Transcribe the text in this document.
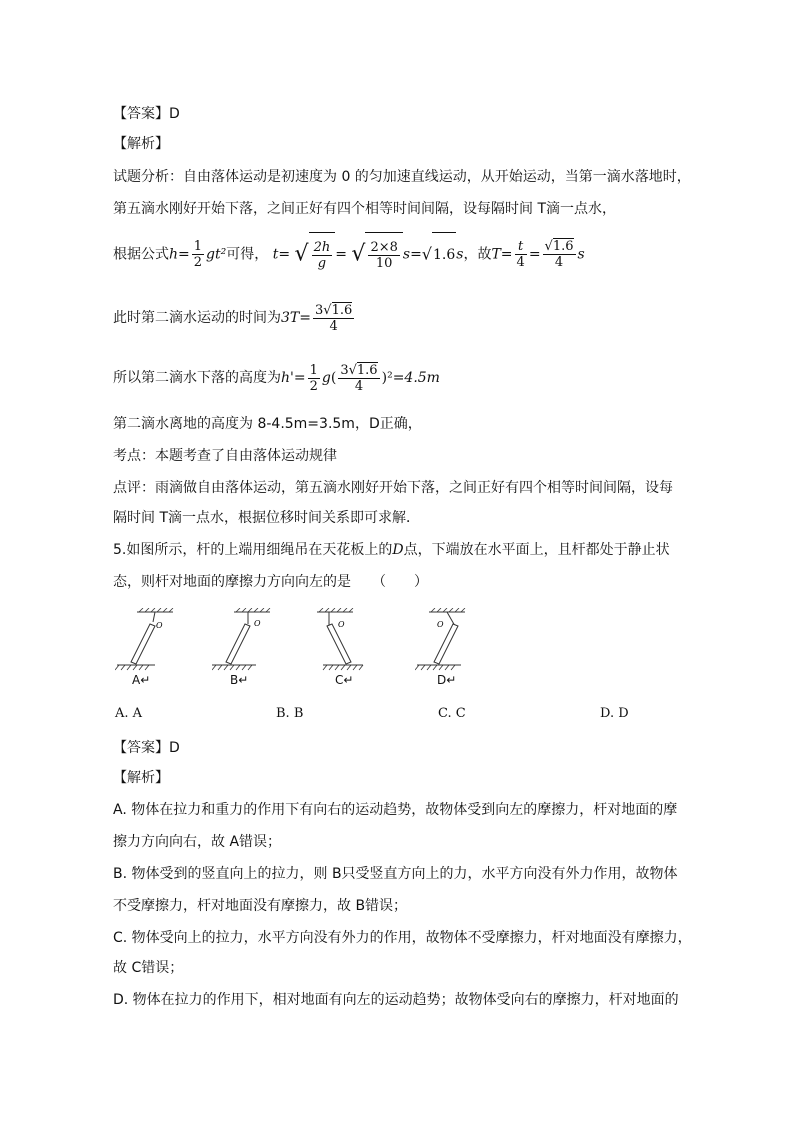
【答案】D
【解析】
试题分析：自由落体运动是初速度为 0 的匀加速直线运动，从开始运动，当第一滴水落地时，
第五滴水刚好开始下落，之间正好有四个相等时间间隔，设每隔时间 T滴一点水，
根据公式$h= \frac{1}{2} gt^2$可得， t= √ $\frac{2h}{g}$ = √ $\frac{2\times 8}{10} s=√1.6s$，故$T= \frac{t}{4} = \frac{√1.6}{4}$ s
此时第二滴水运动的时间为$3T= \frac{3√1.6}{4}$
所以第二滴水下落的高度为$h'= \frac{1}{2} g( \frac{3√1.6}{4} )^2=4.5m$
第二滴水离地的高度为 8-4.5m=3.5m，D正确，
考点：本题考查了自由落体运动规律
点评：雨滴做自由落体运动，第五滴水刚好开始下落，之间正好有四个相等时间间隔，设每
隔时间 T滴一点水，根据位移时间关系即可求解．
5.如图所示，杆的上端用细绳吊在天花板上的D点，下端放在水平面上，且杆都处于静止状
态，则杆对地面的摩擦力方向向左的是　　（　　）
O
A↵
O
B↵
O
C↵
O
D↵
A. A	B. B	C. C	D. D
【答案】D
【解析】
A. 物体在拉力和重力的作用下有向右的运动趋势，故物体受到向左的摩擦力，杆对地面的摩
擦力方向向右，故 A错误；
B. 物体受到的竖直向上的拉力，则 B只受竖直方向上的力，水平方向没有外力作用，故物体
不受摩擦力，杆对地面没有摩擦力，故 B错误；
C. 物体受向上的拉力，水平方向没有外力的作用，故物体不受摩擦力，杆对地面没有摩擦力，
故 C错误；
D. 物体在拉力的作用下，相对地面有向左的运动趋势；故物体受向右的摩擦力，杆对地面的
